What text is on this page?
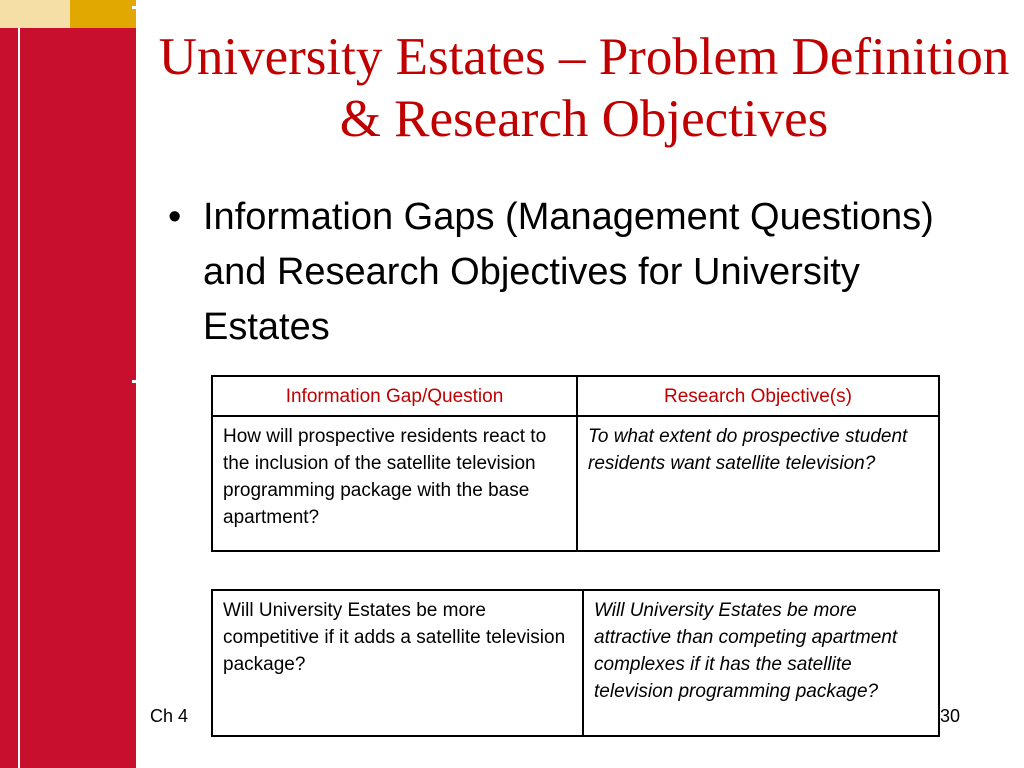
University Estates – Problem Definition & Research Objectives
• Information Gaps (Management Questions) and Research Objectives for University Estates
Information Gap/Question	Research Objective(s)
How will prospective residents react to the inclusion of the satellite television programming package with the base apartment?	To what extent do prospective student residents want satellite television?
Will University Estates be more competitive if it adds a satellite television package?	Will University Estates be more attractive than competing apartment complexes if it has the satellite television programming package?
Ch 4	30
